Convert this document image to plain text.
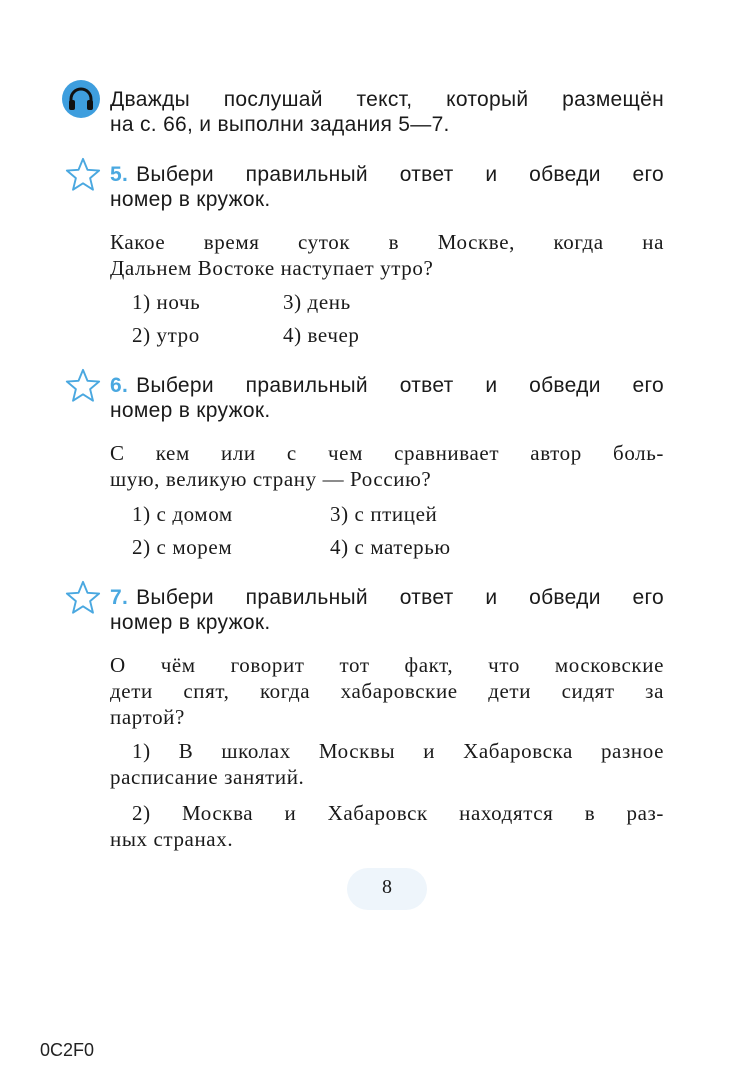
Дважды послушай текст, который размещён
на с. 66, и выполни задания 5—7.
5. Выбери правильный ответ и обведи его
номер в кружок.
Какое время суток в Москве, когда на
Дальнем Востоке наступает утро?
1) ночь	3) день
2) утро	4) вечер
6. Выбери правильный ответ и обведи его
номер в кружок.
С кем или с чем сравнивает автор боль-
шую, великую страну — Россию?
1) с домом	3) с птицей
2) с морем	4) с матерью
7. Выбери правильный ответ и обведи его
номер в кружок.
О чём говорит тот факт, что московские
дети спят, когда хабаровские дети сидят за
партой?
1) В школах Москвы и Хабаровска разное
расписание занятий.
2) Москва и Хабаровск находятся в раз-
ных странах.
8
0C2F0
